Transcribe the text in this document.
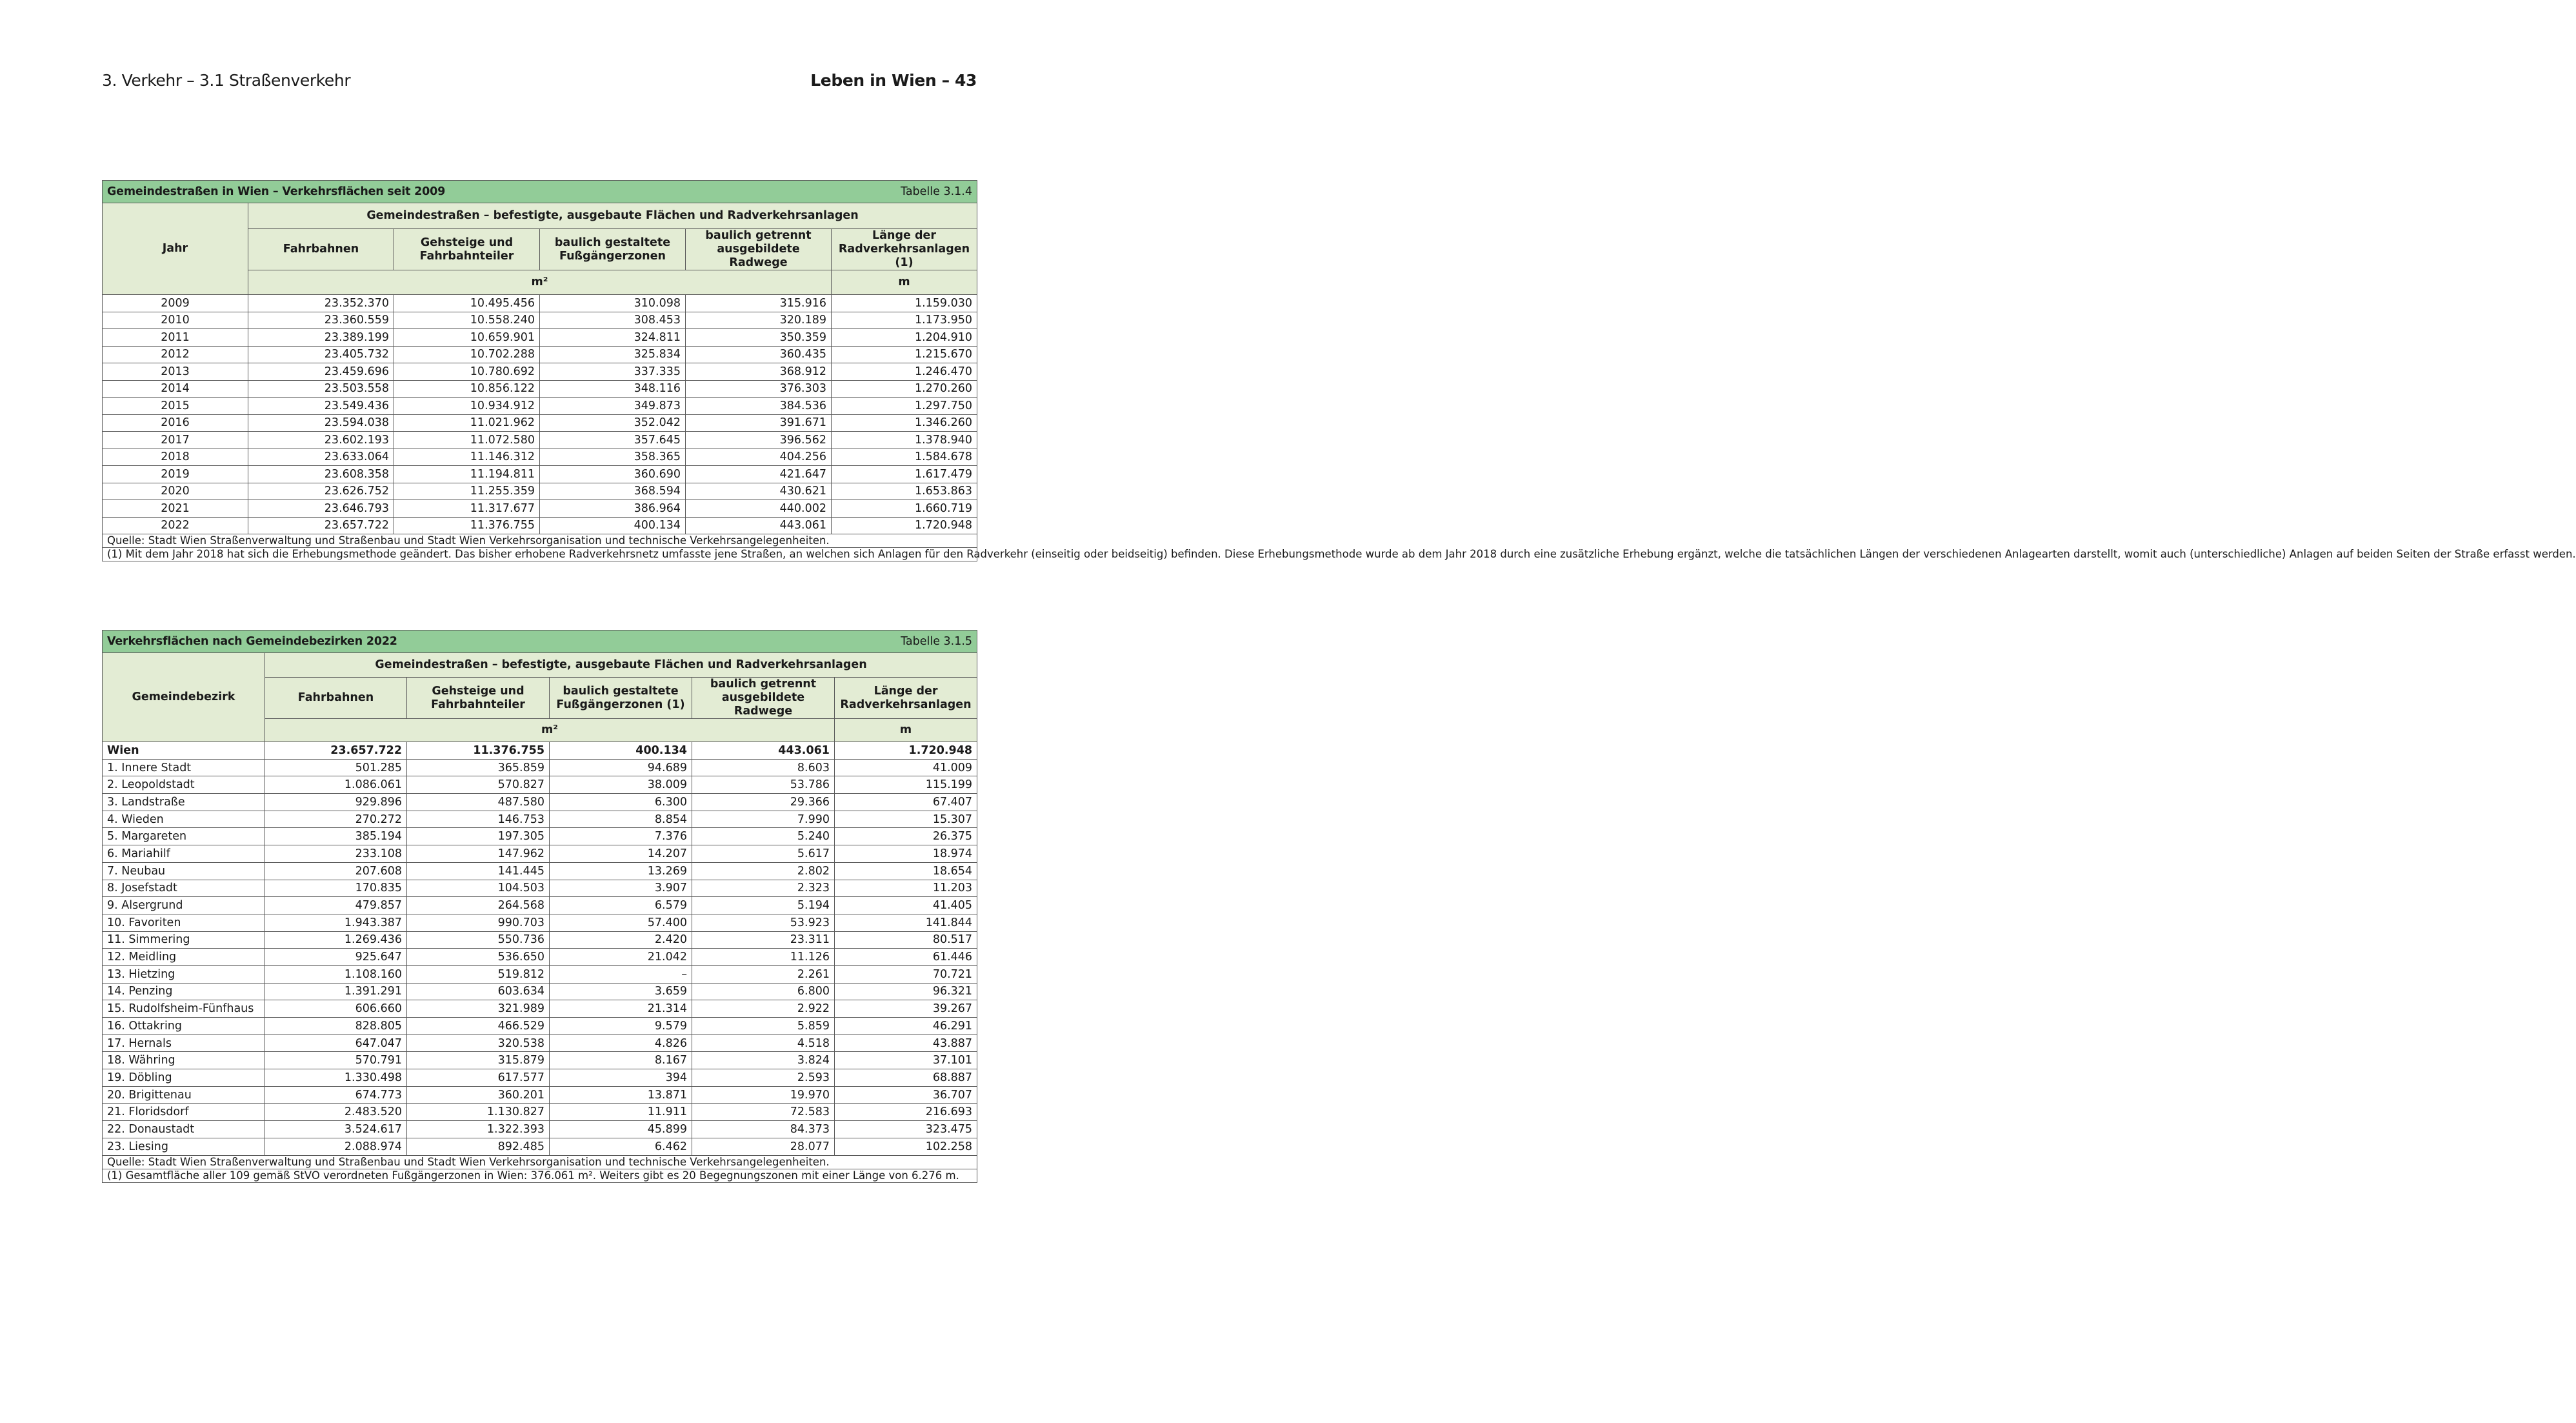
3. Verkehr – 3.1 Straßenverkehr	Leben in Wien – 43
Gemeindestraßen in Wien – Verkehrsflächen seit 2009 Tabelle 3.1.4					

Jahr	Gemeindestraßen – befestigte, ausgebaute Flächen und Radverkehrsanlagen				
	Fahrbahnen	Gehsteige und Fahrbahnteiler	baulich gestaltete Fußgängerzonen	baulich getrennt ausgebildete Radwege	Länge der Radverkehrsanlagen (1)
	m²				m
2009	23.352.370	10.495.456	310.098	315.916	1.159.030
2010	23.360.559	10.558.240	308.453	320.189	1.173.950
2011	23.389.199	10.659.901	324.811	350.359	1.204.910
2012	23.405.732	10.702.288	325.834	360.435	1.215.670
2013	23.459.696	10.780.692	337.335	368.912	1.246.470
2014	23.503.558	10.856.122	348.116	376.303	1.270.260
2015	23.549.436	10.934.912	349.873	384.536	1.297.750
2016	23.594.038	11.021.962	352.042	391.671	1.346.260
2017	23.602.193	11.072.580	357.645	396.562	1.378.940
2018	23.633.064	11.146.312	358.365	404.256	1.584.678
2019	23.608.358	11.194.811	360.690	421.647	1.617.479
2020	23.626.752	11.255.359	368.594	430.621	1.653.863
2021	23.646.793	11.317.677	386.964	440.002	1.660.719
2022	23.657.722	11.376.755	400.134	443.061	1.720.948
Quelle: Stadt Wien Straßenverwaltung und Straßenbau und Stadt Wien Verkehrsorganisation und technische Verkehrsangelegenheiten.					
(1) Mit dem Jahr 2018 hat sich die Erhebungsmethode geändert. Das bisher erhobene Radverkehrsnetz umfasste jene Straßen, an welchen sich Anlagen für den Radverkehr (einseitig oder beidseitig) befinden. Diese Erhebungsmethode wurde ab dem Jahr 2018 durch eine zusätzliche Erhebung ergänzt, welche die tatsächlichen Längen der verschiedenen Anlagearten darstellt, womit auch (unterschiedliche) Anlagen auf beiden Seiten der Straße erfasst werden.					
Verkehrsflächen nach Gemeindebezirken 2022 Tabelle 3.1.5					

Gemeindebezirk	Gemeindestraßen – befestigte, ausgebaute Flächen und Radverkehrsanlagen				
	Fahrbahnen	Gehsteige und Fahrbahnteiler	baulich gestaltete Fußgängerzonen (1)	baulich getrennt ausgebildete Radwege	Länge der Radverkehrsanlagen
	m²				m
Wien	23.657.722	11.376.755	400.134	443.061	1.720.948
1. Innere Stadt	501.285	365.859	94.689	8.603	41.009
2. Leopoldstadt	1.086.061	570.827	38.009	53.786	115.199
3. Landstraße	929.896	487.580	6.300	29.366	67.407
4. Wieden	270.272	146.753	8.854	7.990	15.307
5. Margareten	385.194	197.305	7.376	5.240	26.375
6. Mariahilf	233.108	147.962	14.207	5.617	18.974
7. Neubau	207.608	141.445	13.269	2.802	18.654
8. Josefstadt	170.835	104.503	3.907	2.323	11.203
9. Alsergrund	479.857	264.568	6.579	5.194	41.405
10. Favoriten	1.943.387	990.703	57.400	53.923	141.844
11. Simmering	1.269.436	550.736	2.420	23.311	80.517
12. Meidling	925.647	536.650	21.042	11.126	61.446
13. Hietzing	1.108.160	519.812	–	2.261	70.721
14. Penzing	1.391.291	603.634	3.659	6.800	96.321
15. Rudolfsheim-Fünfhaus	606.660	321.989	21.314	2.922	39.267
16. Ottakring	828.805	466.529	9.579	5.859	46.291
17. Hernals	647.047	320.538	4.826	4.518	43.887
18. Währing	570.791	315.879	8.167	3.824	37.101
19. Döbling	1.330.498	617.577	394	2.593	68.887
20. Brigittenau	674.773	360.201	13.871	19.970	36.707
21. Floridsdorf	2.483.520	1.130.827	11.911	72.583	216.693
22. Donaustadt	3.524.617	1.322.393	45.899	84.373	323.475
23. Liesing	2.088.974	892.485	6.462	28.077	102.258
Quelle: Stadt Wien Straßenverwaltung und Straßenbau und Stadt Wien Verkehrsorganisation und technische Verkehrsangelegenheiten.					
(1) Gesamtfläche aller 109 gemäß StVO verordneten Fußgängerzonen in Wien: 376.061 m². Weiters gibt es 20 Begegnungszonen mit einer Länge von 6.276 m.					
